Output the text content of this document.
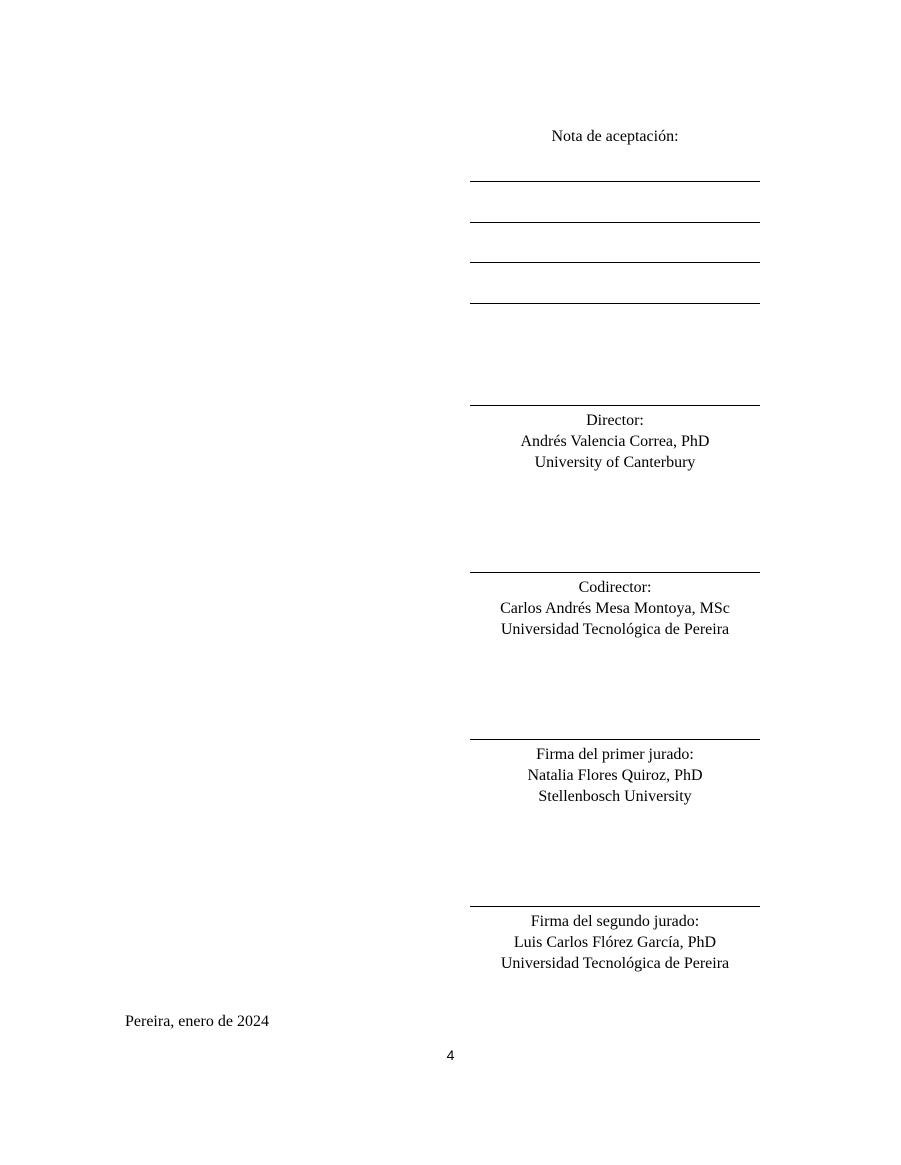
Nota de aceptación:
Director:
Andrés Valencia Correa, PhD
University of Canterbury
Codirector:
Carlos Andrés Mesa Montoya, MSc
Universidad Tecnológica de Pereira
Firma del primer jurado:
Natalia Flores Quiroz, PhD
Stellenbosch University
Firma del segundo jurado:
Luis Carlos Flórez García, PhD
Universidad Tecnológica de Pereira
Pereira, enero de 2024
4
